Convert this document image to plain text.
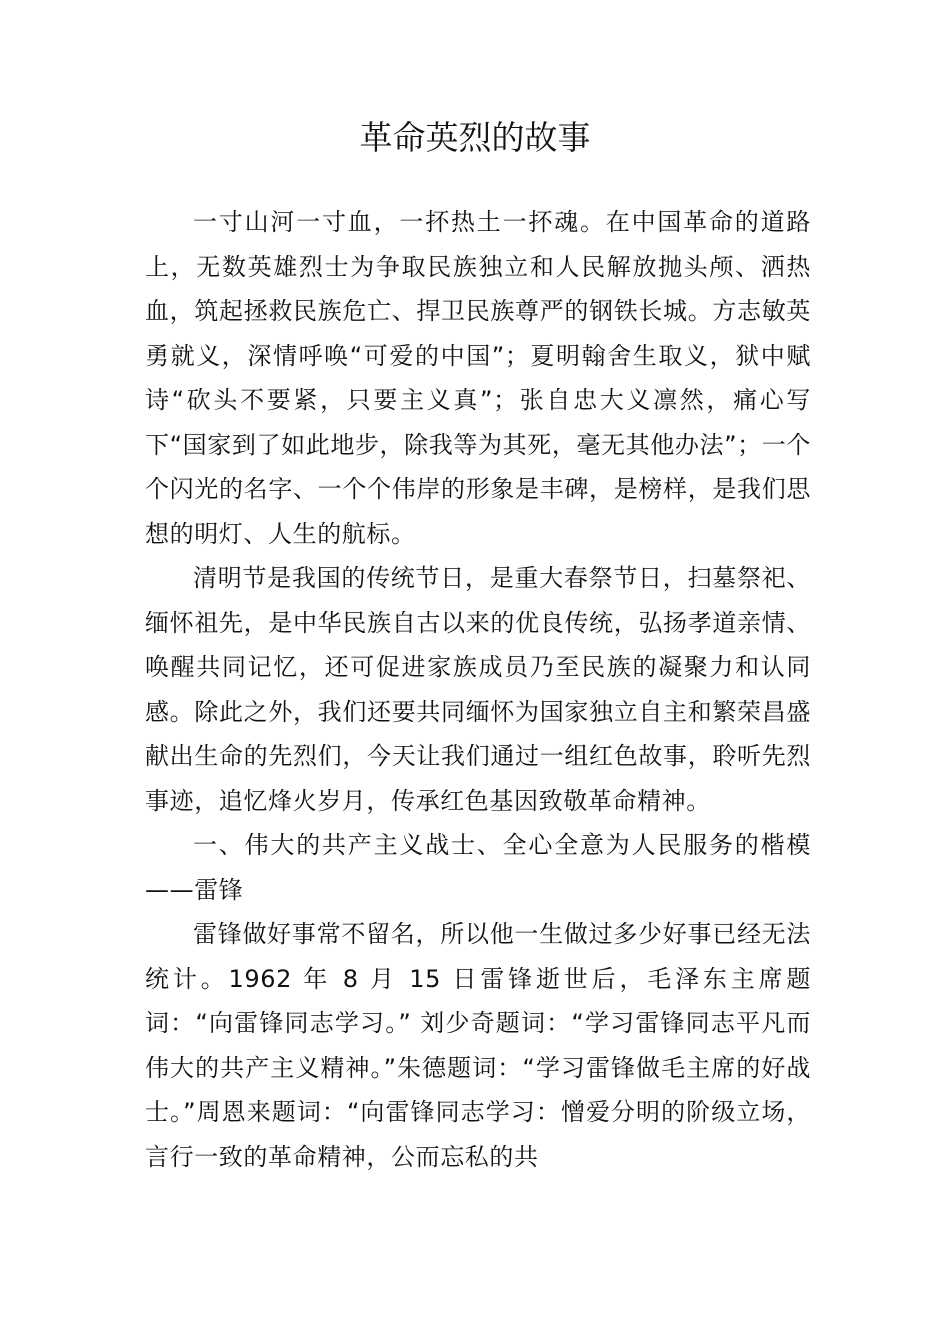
革命英烈的故事

一寸山河一寸血，一抔热土一抔魂。在中国革命的道路上，无数英雄烈士为争取民族独立和人民解放抛头颅、洒热血，筑起拯救民族危亡、捍卫民族尊严的钢铁长城。方志敏英勇就义，深情呼唤“可爱的中国”；夏明翰舍生取义，狱中赋诗“砍头不要紧，只要主义真”；张自忠大义凛然，痛心写下“国家到了如此地步，除我等为其死，毫无其他办法”；一个个闪光的名字、一个个伟岸的形象是丰碑，是榜样，是我们思想的明灯、人生的航标。

清明节是我国的传统节日，是重大春祭节日，扫墓祭祀、缅怀祖先，是中华民族自古以来的优良传统，弘扬孝道亲情、唤醒共同记忆，还可促进家族成员乃至民族的凝聚力和认同感。除此之外，我们还要共同缅怀为国家独立自主和繁荣昌盛献出生命的先烈们，今天让我们通过一组红色故事，聆听先烈事迹，追忆烽火岁月，传承红色基因致敬革命精神。

一、伟大的共产主义战士、全心全意为人民服务的楷模——雷锋

雷锋做好事常不留名，所以他一生做过多少好事已经无法统计。1962 年 8 月 15 日雷锋逝世后，毛泽东主席题词：“向雷锋同志学习。” 刘少奇题词：“学习雷锋同志平凡而伟大的共产主义精神。”朱德题词：“学习雷锋做毛主席的好战士。”周恩来题词：“向雷锋同志学习：憎爱分明的阶级立场，言行一致的革命精神，公而忘私的共
